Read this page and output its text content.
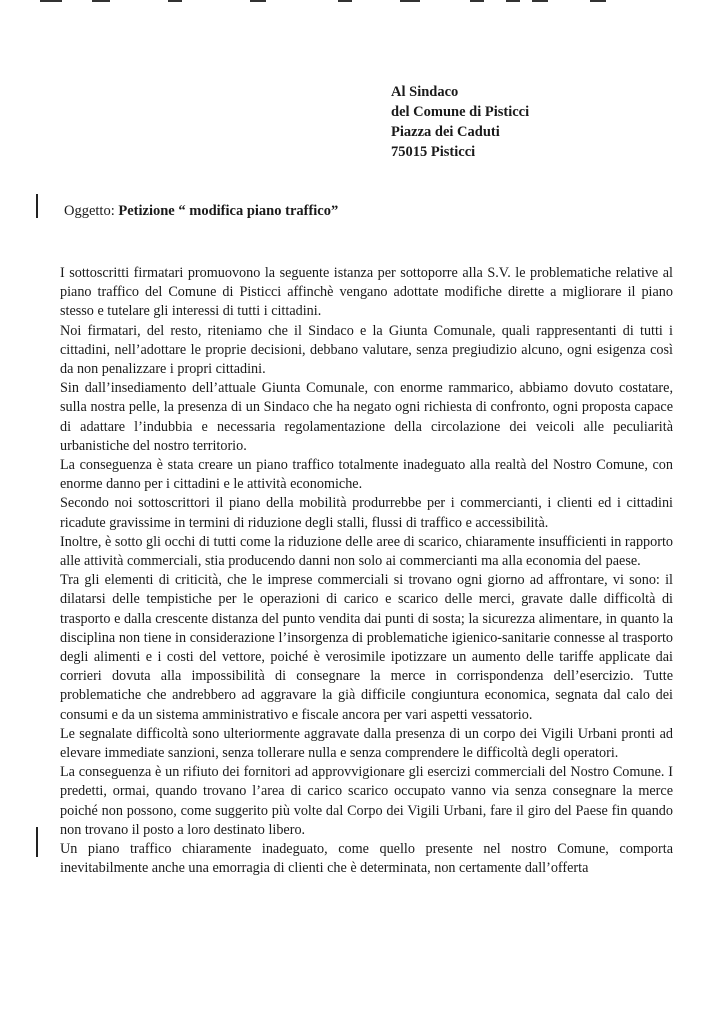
Al Sindaco
del Comune di Pisticci
Piazza dei Caduti
75015 Pisticci
Oggetto: Petizione “ modifica piano traffico”

I sottoscritti firmatari promuovono la seguente istanza per sottoporre alla S.V. le problematiche relative al piano traffico del Comune di Pisticci affinchè vengano adottate modifiche dirette a migliorare il piano stesso e tutelare gli interessi di tutti i cittadini.

Noi firmatari, del resto, riteniamo che il Sindaco e la Giunta Comunale, quali rappresentanti di tutti i cittadini, nell’adottare le proprie decisioni, debbano valutare, senza pregiudizio alcuno, ogni esigenza così da non penalizzare i propri cittadini.

Sin dall’insediamento dell’attuale Giunta Comunale, con enorme rammarico, abbiamo dovuto costatare, sulla nostra pelle, la presenza di un Sindaco che ha negato ogni richiesta di confronto, ogni proposta capace di adattare l’indubbia e necessaria regolamentazione della circolazione dei veicoli alle peculiarità urbanistiche del nostro territorio.

La conseguenza è stata creare un piano traffico totalmente inadeguato alla realtà del Nostro Comune, con enorme danno per i cittadini e le attività economiche.

Secondo noi sottoscrittori il piano della mobilità produrrebbe per i commercianti, i clienti ed i cittadini ricadute gravissime in termini di riduzione degli stalli, flussi di traffico e accessibilità.

Inoltre, è sotto gli occhi di tutti come la riduzione delle aree di scarico, chiaramente insufficienti in rapporto alle attività commerciali, stia producendo danni non solo ai commercianti ma alla economia del paese.

Tra gli elementi di criticità, che le imprese commerciali si trovano ogni giorno ad affrontare, vi sono: il dilatarsi delle tempistiche per le operazioni di carico e scarico delle merci, gravate dalle difficoltà di trasporto e dalla crescente distanza del punto vendita dai punti di sosta; la sicurezza alimentare, in quanto la disciplina non tiene in considerazione l’insorgenza di problematiche igienico-sanitarie connesse al trasporto degli alimenti e i costi del vettore, poiché è verosimile ipotizzare un aumento delle tariffe applicate dai corrieri dovuta alla impossibilità di consegnare la merce in corrispondenza dell’esercizio. Tutte problematiche che andrebbero ad aggravare la già difficile congiuntura economica, segnata dal calo dei consumi e da un sistema amministrativo e fiscale ancora per vari aspetti vessatorio.

Le segnalate difficoltà sono ulteriormente aggravate dalla presenza di un corpo dei Vigili Urbani pronti ad elevare immediate sanzioni, senza tollerare nulla e senza comprendere le difficoltà degli operatori.

La conseguenza è un rifiuto dei fornitori ad approvvigionare gli esercizi commerciali del Nostro Comune. I predetti, ormai, quando trovano l’area di carico scarico occupato vanno via senza consegnare la merce poiché non possono, come suggerito più volte dal Corpo dei Vigili Urbani, fare il giro del Paese fin quando non trovano il posto a loro destinato libero.

Un piano traffico chiaramente inadeguato, come quello presente nel nostro Comune, comporta inevitabilmente anche una emorragia di clienti che è determinata, non certamente dall’offerta
